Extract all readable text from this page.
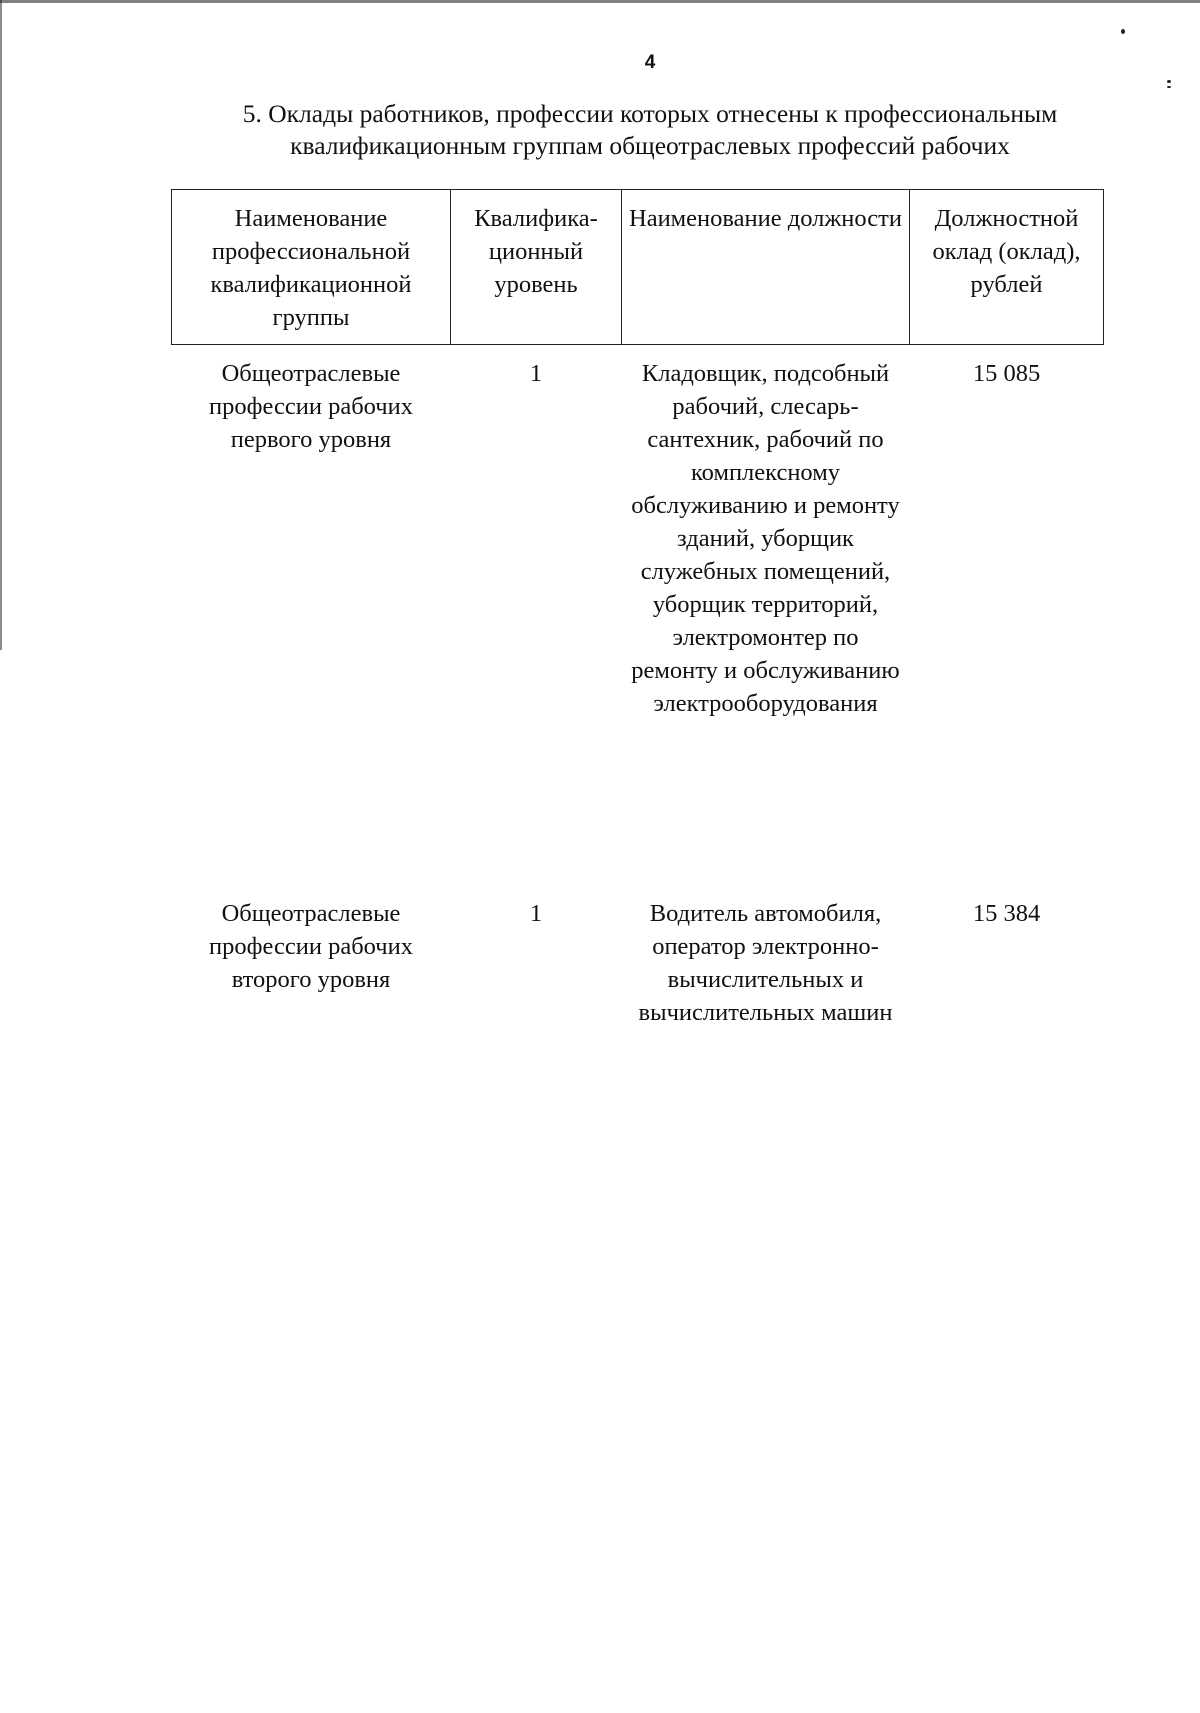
4
5. Оклады работников, профессии которых отнесены к профессиональным квалификационным группам общеотраслевых профессий рабочих
Наименование профессиональной квалификационной группы	Квалифика-ционный уровень	Наименование должности	Должностной оклад (оклад), рублей
Общеотраслевые профессии рабочих первого уровня	1	Кладовщик, подсобный рабочий, слесарь-сантехник, рабочий по комплексному обслуживанию и ремонту зданий, уборщик служебных помещений, уборщик территорий, электромонтер по ремонту и обслуживанию электрооборудования	15 085
Общеотраслевые профессии рабочих второго уровня	1	Водитель автомобиля, оператор электронно-вычислительных и вычислительных машин	15 384
